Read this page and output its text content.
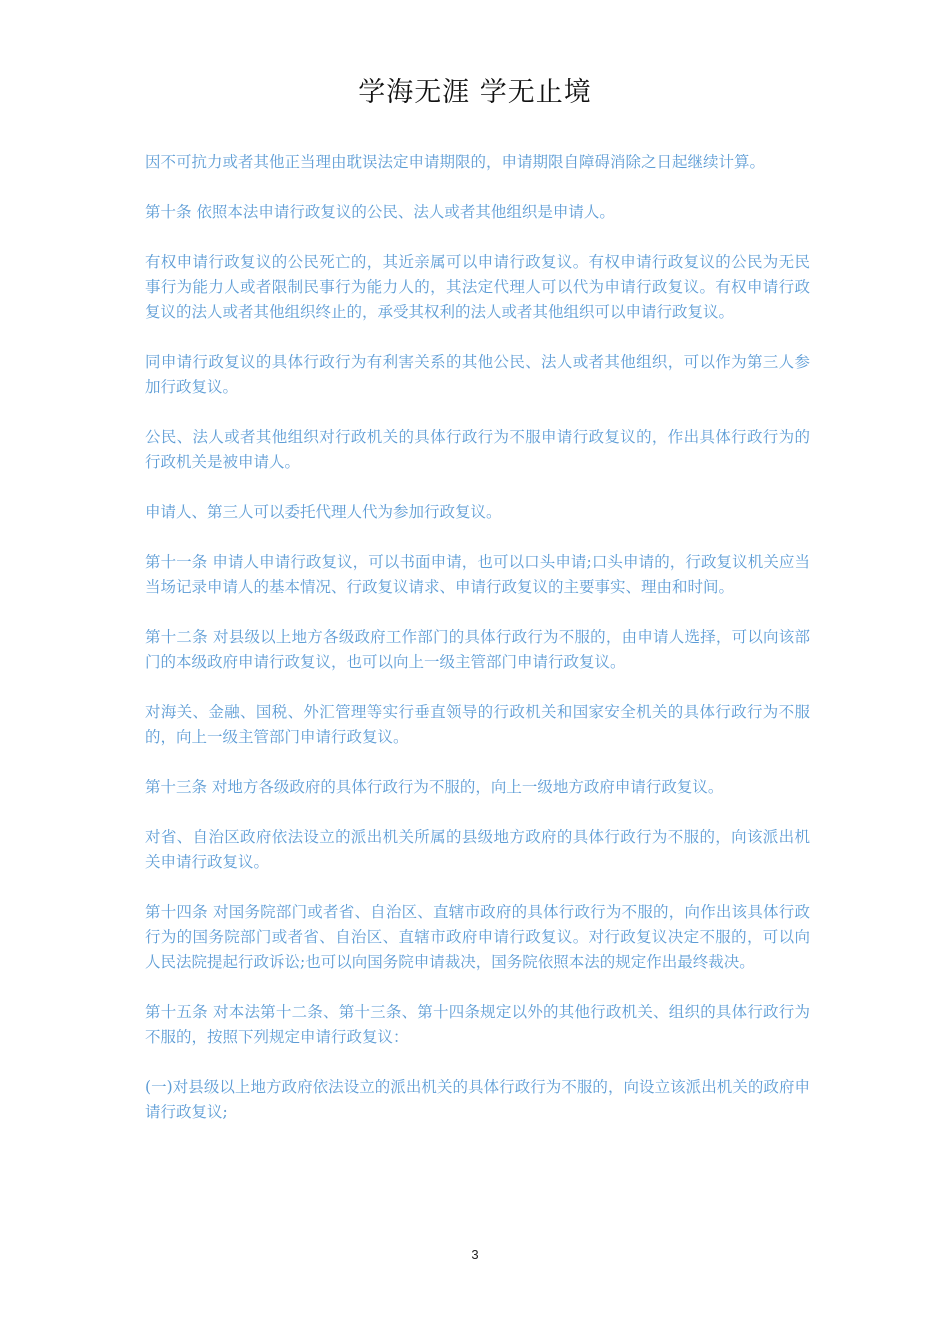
学海无涯 学无止境

因不可抗力或者其他正当理由耽误法定申请期限的，申请期限自障碍消除之日起继续计算。

第十条 依照本法申请行政复议的公民、法人或者其他组织是申请人。

有权申请行政复议的公民死亡的，其近亲属可以申请行政复议。有权申请行政复议的公民为无民事行为能力人或者限制民事行为能力人的，其法定代理人可以代为申请行政复议。有权申请行政复议的法人或者其他组织终止的，承受其权利的法人或者其他组织可以申请行政复议。

同申请行政复议的具体行政行为有利害关系的其他公民、法人或者其他组织，可以作为第三人参加行政复议。

公民、法人或者其他组织对行政机关的具体行政行为不服申请行政复议的，作出具体行政行为的行政机关是被申请人。

申请人、第三人可以委托代理人代为参加行政复议。

第十一条 申请人申请行政复议，可以书面申请，也可以口头申请;口头申请的，行政复议机关应当当场记录申请人的基本情况、行政复议请求、申请行政复议的主要事实、理由和时间。

第十二条 对县级以上地方各级政府工作部门的具体行政行为不服的，由申请人选择，可以向该部门的本级政府申请行政复议，也可以向上一级主管部门申请行政复议。

对海关、金融、国税、外汇管理等实行垂直领导的行政机关和国家安全机关的具体行政行为不服的，向上一级主管部门申请行政复议。

第十三条 对地方各级政府的具体行政行为不服的，向上一级地方政府申请行政复议。

对省、自治区政府依法设立的派出机关所属的县级地方政府的具体行政行为不服的，向该派出机关申请行政复议。

第十四条 对国务院部门或者省、自治区、直辖市政府的具体行政行为不服的，向作出该具体行政行为的国务院部门或者省、自治区、直辖市政府申请行政复议。对行政复议决定不服的，可以向人民法院提起行政诉讼;也可以向国务院申请裁决，国务院依照本法的规定作出最终裁决。

第十五条 对本法第十二条、第十三条、第十四条规定以外的其他行政机关、组织的具体行政行为不服的，按照下列规定申请行政复议：

(一)对县级以上地方政府依法设立的派出机关的具体行政行为不服的，向设立该派出机关的政府申请行政复议;

3
